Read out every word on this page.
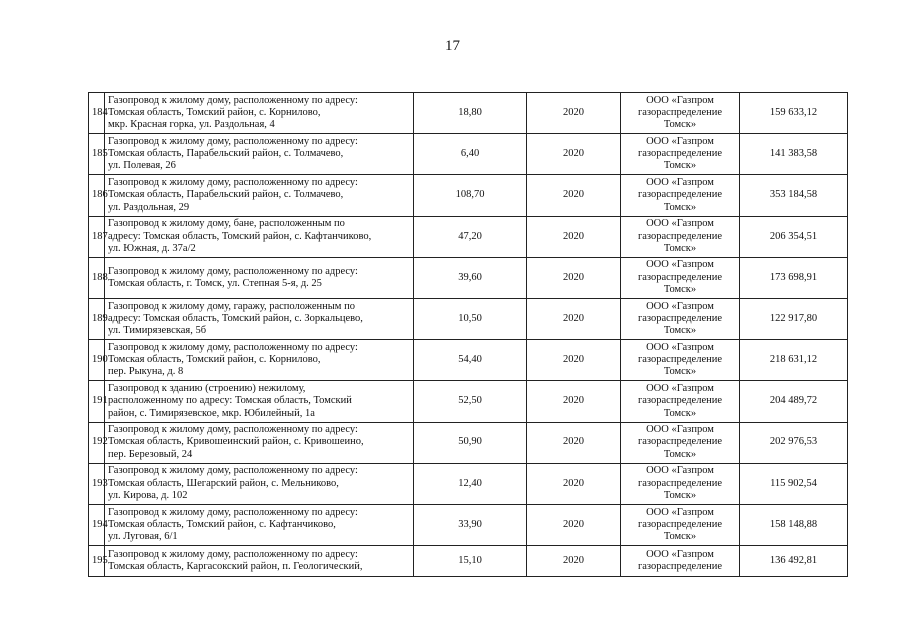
17
184	Газопровод к жилому дому, расположенному по адресу:
Томская область, Томский район, с. Корнилово,
мкр. Красная горка, ул. Раздольная, 4	18,80	2020	ООО «Газпром
газораспределение
Томск»	159 633,12
185	Газопровод к жилому дому, расположенному по адресу:
Томская область, Парабельский район, с. Толмачево,
ул. Полевая, 26	6,40	2020	ООО «Газпром
газораспределение
Томск»	141 383,58
186	Газопровод к жилому дому, расположенному по адресу:
Томская область, Парабельский район, с. Толмачево,
ул. Раздольная, 29	108,70	2020	ООО «Газпром
газораспределение
Томск»	353 184,58
187	Газопровод к жилому дому, бане, расположенным по
адресу: Томская область, Томский район, с. Кафтанчиково,
ул. Южная, д. 37а/2	47,20	2020	ООО «Газпром
газораспределение
Томск»	206 354,51
188	Газопровод к жилому дому, расположенному по адресу:
Томская область, г. Томск, ул. Степная 5-я, д. 25	39,60	2020	ООО «Газпром
газораспределение
Томск»	173 698,91
189	Газопровод к жилому дому, гаражу, расположенным по
адресу: Томская область, Томский район, с. Зоркальцево,
ул. Тимирязевская, 5б	10,50	2020	ООО «Газпром
газораспределение
Томск»	122 917,80
190	Газопровод к жилому дому, расположенному по адресу:
Томская область, Томский район, с. Корнилово,
пер. Рыкуна, д. 8	54,40	2020	ООО «Газпром
газораспределение
Томск»	218 631,12
191	Газопровод к зданию (строению) нежилому,
расположенному по адресу: Томская область, Томский
район, с. Тимирязевское, мкр. Юбилейный, 1а	52,50	2020	ООО «Газпром
газораспределение
Томск»	204 489,72
192	Газопровод к жилому дому, расположенному по адресу:
Томская область, Кривошеинский район, с. Кривошеино,
пер. Березовый, 24	50,90	2020	ООО «Газпром
газораспределение
Томск»	202 976,53
193	Газопровод к жилому дому, расположенному по адресу:
Томская область, Шегарский район, с. Мельниково,
ул. Кирова, д. 102	12,40	2020	ООО «Газпром
газораспределение
Томск»	115 902,54
194	Газопровод к жилому дому, расположенному по адресу:
Томская область, Томский район, с. Кафтанчиково,
ул. Луговая, 6/1	33,90	2020	ООО «Газпром
газораспределение
Томск»	158 148,88
195	Газопровод к жилому дому, расположенному по адресу:
Томская область, Каргасокский район, п. Геологический,	15,10	2020	ООО «Газпром
газораспределение	136 492,81
